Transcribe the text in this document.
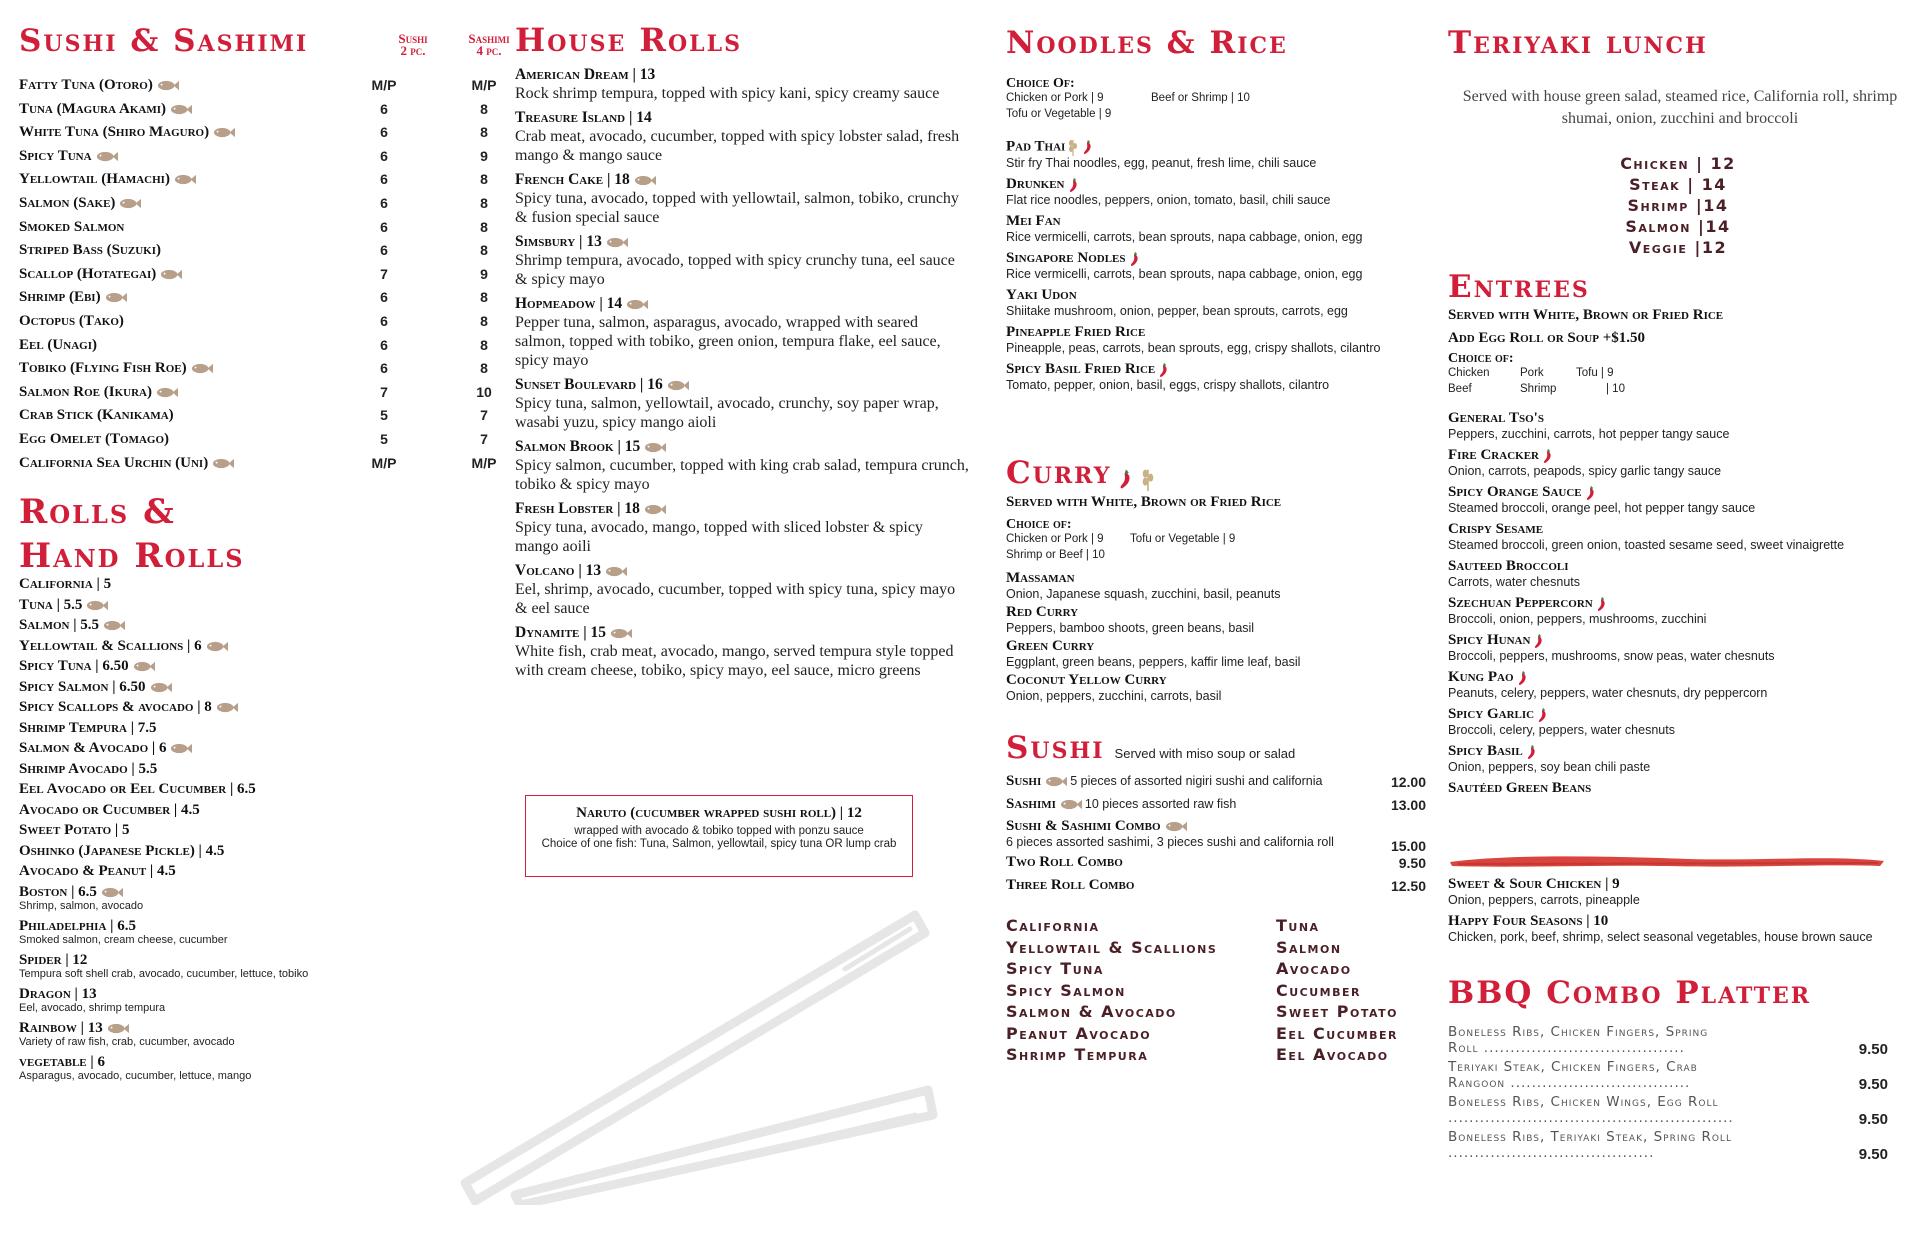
Sushi & Sashimi	Sushi
2 pc.
Sashimi
4 pc.
Fatty Tuna (Otoro)	M/P	M/P
Tuna (Magura Akami)	6	8
White Tuna (Shiro Maguro)	6	8
Spicy Tuna	6	9
Yellowtail (Hamachi)	6	8
Salmon (Sake)	6	8
Smoked Salmon	6	8
Striped Bass (Suzuki)	6	8
Scallop (Hotategai)	7	9
Shrimp (Ebi)	6	8
Octopus (Tako)	6	8
Eel (Unagi)	6	8
Tobiko (Flying Fish Roe)	6	8
Salmon Roe (Ikura)	7	10
Crab Stick (Kanikama)	5	7
Egg Omelet (Tomago)	5	7
California Sea Urchin (Uni)	M/P	M/P
Rolls &
Hand Rolls
California | 5
Tuna | 5.5
Salmon | 5.5
Yellowtail & Scallions | 6
Spicy Tuna | 6.50
Spicy Salmon | 6.50
Spicy Scallops & avocado | 8
Shrimp Tempura | 7.5
Salmon & Avocado | 6
Shrimp Avocado | 5.5
Eel Avocado or Eel Cucumber | 6.5
Avocado or Cucumber | 4.5
Sweet Potato | 5
Oshinko (Japanese Pickle) | 4.5
Avocado & Peanut | 4.5
Boston | 6.5
Shrimp, salmon, avocado
Philadelphia | 6.5
Smoked salmon, cream cheese, cucumber
Spider | 12
Tempura soft shell crab, avocado, cucumber, lettuce, tobiko
Dragon | 13
Eel, avocado, shrimp tempura
Rainbow | 13
Variety of raw fish, crab, cucumber, avocado
vegetable | 6
Asparagus, avocado, cucumber, lettuce, mango
House Rolls
American Dream | 13
Rock shrimp tempura, topped with spicy kani, spicy creamy sauce
Treasure Island | 14
Crab meat, avocado, cucumber, topped with spicy lobster salad, fresh mango & mango sauce
French Cake | 18
Spicy tuna, avocado, topped with yellowtail, salmon, tobiko, crunchy & fusion special sauce
Simsbury | 13
Shrimp tempura, avocado, topped with spicy crunchy tuna, eel sauce & spicy mayo
Hopmeadow | 14
Pepper tuna, salmon, asparagus, avocado, wrapped with seared salmon, topped with tobiko, green onion, tempura flake, eel sauce, spicy mayo
Sunset Boulevard | 16
Spicy tuna, salmon, yellowtail, avocado, crunchy, soy paper wrap, wasabi yuzu, spicy mango aioli
Salmon Brook | 15
Spicy salmon, cucumber, topped with king crab salad, tempura crunch, tobiko & spicy mayo
Fresh Lobster | 18
Spicy tuna, avocado, mango, topped with sliced lobster & spicy mango aoili
Volcano | 13
Eel, shrimp, avocado, cucumber, topped with spicy tuna, spicy mayo & eel sauce
Dynamite | 15
White fish, crab meat, avocado, mango, served tempura style topped with cream cheese, tobiko, spicy mayo, eel sauce, micro greens
Naruto (cucumber wrapped sushi roll) | 12
wrapped with avocado & tobiko topped with ponzu sauce
Choice of one fish: Tuna, Salmon, yellowtail, spicy tuna OR lump crab
Noodles & Rice
Choice Of:
Chicken or Pork | 9	Beef or Shrimp | 10
Tofu or Vegetable | 9
Pad Thai
Stir fry Thai noodles, egg, peanut, fresh lime, chili sauce
Drunken
Flat rice noodles, peppers, onion, tomato, basil, chili sauce
Mei Fan
Rice vermicelli, carrots, bean sprouts, napa cabbage, onion, egg
Singapore Nodles
Rice vermicelli, carrots, bean sprouts, napa cabbage, onion, egg
Yaki Udon
Shiitake mushroom, onion, pepper, bean sprouts, carrots, egg
Pineapple Fried Rice
Pineapple, peas, carrots, bean sprouts, egg, crispy shallots, cilantro
Spicy Basil Fried Rice
Tomato, pepper, onion, basil, eggs, crispy shallots, cilantro
Curry
Served with White, Brown or Fried Rice
Choice of:
Chicken or Pork | 9 Tofu or Vegetable | 9
Shrimp or Beef | 10
Massaman
Onion, Japanese squash, zucchini, basil, peanuts
Red Curry
Peppers, bamboo shoots, green beans, basil
Green Curry
Eggplant, green beans, peppers, kaffir lime leaf, basil
Coconut Yellow Curry
Onion, peppers, zucchini, carrots, basil
Sushi Served with miso soup or salad
Sushi 5 pieces of assorted nigiri sushi and california	12.00
Sashimi 10 pieces assorted raw fish	13.00
Sushi & Sashimi Combo
6 pieces assorted sashimi, 3 pieces sushi and california roll	15.00
Two Roll Combo	9.50
Three Roll Combo	12.50
California
Yellowtail & Scallions
Spicy Tuna
Spicy Salmon
Salmon & Avocado
Peanut Avocado
Shrimp Tempura
Tuna
Salmon
Avocado
Cucumber
Sweet Potato
Eel Cucumber
Eel Avocado
Teriyaki lunch
Served with house green salad, steamed rice, California roll, shrimp shumai, onion, zucchini and broccoli
Chicken | 12
Steak | 14
Shrimp |14
Salmon |14
Veggie |12
Entrees
Served with White, Brown or Fried Rice
Add Egg Roll or Soup +$1.50
Choice of:
Chicken	Pork	Tofu | 9
Beef	Shrimp	| 10
General Tso's
Peppers, zucchini, carrots, hot pepper tangy sauce
Fire Cracker
Onion, carrots, peapods, spicy garlic tangy sauce
Spicy Orange Sauce
Steamed broccoli, orange peel, hot pepper tangy sauce
Crispy Sesame
Steamed broccoli, green onion, toasted sesame seed, sweet vinaigrette
Sauteed Broccoli
Carrots, water chesnuts
Szechuan Peppercorn
Broccoli, onion, peppers, mushrooms, zucchini
Spicy Hunan
Broccoli, peppers, mushrooms, snow peas, water chesnuts
Kung Pao
Peanuts, celery, peppers, water chesnuts, dry peppercorn
Spicy Garlic
Broccoli, celery, peppers, water chesnuts
Spicy Basil
Onion, peppers, soy bean chili paste
Sautéed Green Beans
Sweet & Sour Chicken | 9
Onion, peppers, carrots, pineapple
Happy Four Seasons | 10
Chicken, pork, beef, shrimp, select seasonal vegetables, house brown sauce
BBQ Combo Platter
Boneless Ribs, Chicken Fingers, Spring
Roll ......................................	9.50
Teriyaki Steak, Chicken Fingers, Crab
Rangoon ..................................	9.50
Boneless Ribs, Chicken Wings, Egg Roll
......................................................	9.50
Boneless Ribs, Teriyaki Steak, Spring Roll
.......................................	9.50
